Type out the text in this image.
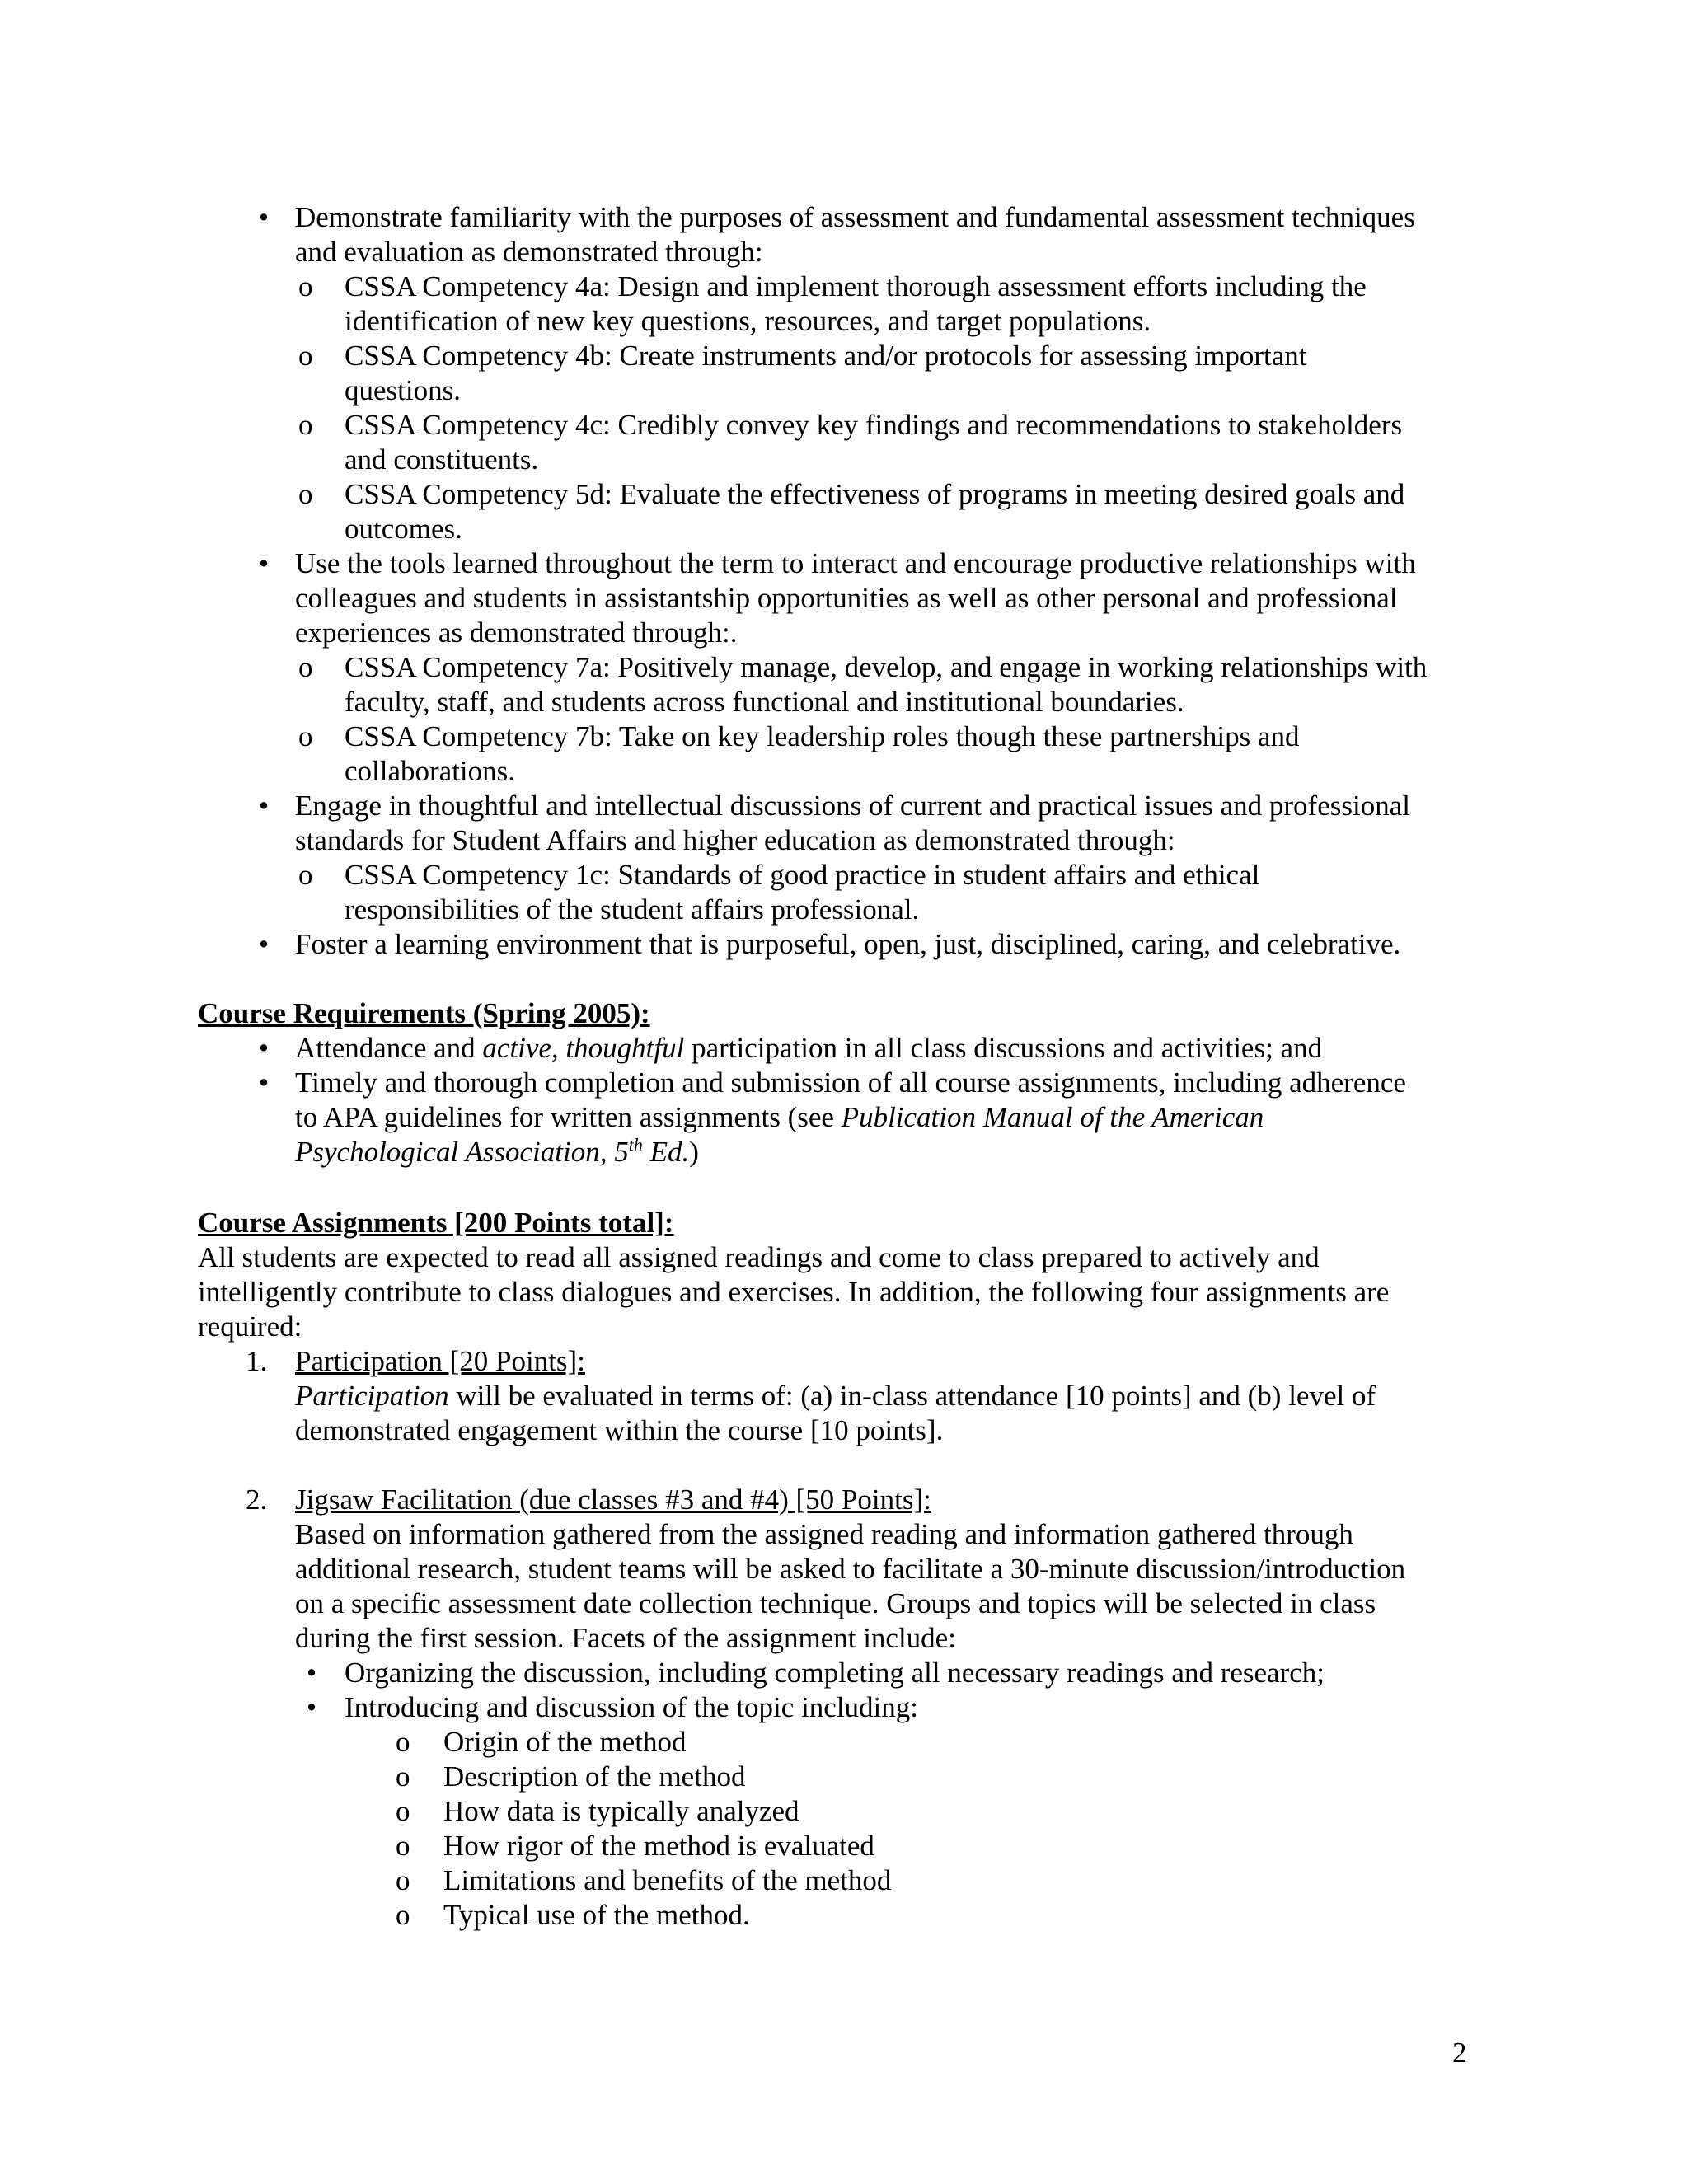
• Demonstrate familiarity with the purposes of assessment and fundamental assessment techniques
and evaluation as demonstrated through:
o CSSA Competency 4a: Design and implement thorough assessment efforts including the
identification of new key questions, resources, and target populations.
o CSSA Competency 4b: Create instruments and/or protocols for assessing important
questions.
o CSSA Competency 4c: Credibly convey key findings and recommendations to stakeholders
and constituents.
o CSSA Competency 5d: Evaluate the effectiveness of programs in meeting desired goals and
outcomes.
• Use the tools learned throughout the term to interact and encourage productive relationships with
colleagues and students in assistantship opportunities as well as other personal and professional
experiences as demonstrated through:.
o CSSA Competency 7a: Positively manage, develop, and engage in working relationships with
faculty, staff, and students across functional and institutional boundaries.
o CSSA Competency 7b: Take on key leadership roles though these partnerships and
collaborations.
• Engage in thoughtful and intellectual discussions of current and practical issues and professional
standards for Student Affairs and higher education as demonstrated through:
o CSSA Competency 1c: Standards of good practice in student affairs and ethical
responsibilities of the student affairs professional.
• Foster a learning environment that is purposeful, open, just, disciplined, caring, and celebrative.
Course Requirements (Spring 2005):
• Attendance and active, thoughtful participation in all class discussions and activities; and
• Timely and thorough completion and submission of all course assignments, including adherence
to APA guidelines for written assignments (see Publication Manual of the American
Psychological Association, 5th Ed.)
Course Assignments [200 Points total]:
All students are expected to read all assigned readings and come to class prepared to actively and
intelligently contribute to class dialogues and exercises. In addition, the following four assignments are
required:
1. Participation [20 Points]:
Participation will be evaluated in terms of: (a) in-class attendance [10 points] and (b) level of
demonstrated engagement within the course [10 points].
2. Jigsaw Facilitation (due classes #3 and #4) [50 Points]:
Based on information gathered from the assigned reading and information gathered through
additional research, student teams will be asked to facilitate a 30-minute discussion/introduction
on a specific assessment date collection technique. Groups and topics will be selected in class
during the first session. Facets of the assignment include:
• Organizing the discussion, including completing all necessary readings and research;
• Introducing and discussion of the topic including:
o Origin of the method
o Description of the method
o How data is typically analyzed
o How rigor of the method is evaluated
o Limitations and benefits of the method
o Typical use of the method.
2
